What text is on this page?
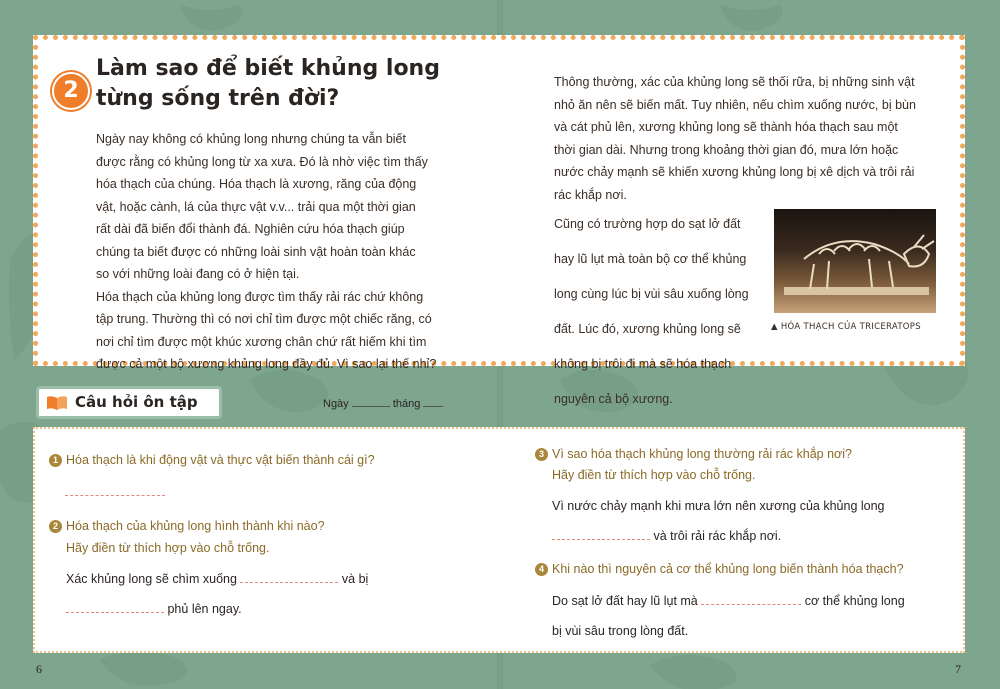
2
Làm sao để biết khủng long
từng sống trên đời?

Ngày nay không có khủng long nhưng chúng ta vẫn biết

được rằng có khủng long từ xa xưa. Đó là nhờ việc tìm thấy

hóa thạch của chúng. Hóa thạch là xương, răng của động

vật, hoặc cành, lá của thực vật v.v... trải qua một thời gian

rất dài đã biến đổi thành đá. Nghiên cứu hóa thạch giúp

chúng ta biết được có những loài sinh vật hoàn toàn khác

so với những loài đang có ở hiện tại.

Hóa thạch của khủng long được tìm thấy rải rác chứ không

tập trung. Thường thì có nơi chỉ tìm được một chiếc răng, có

nơi chỉ tìm được một khúc xương chân chứ rất hiếm khi tìm

được cả một bộ xương khủng long đầy đủ. Vì sao lại thế nhỉ?

Thông thường, xác của khủng long sẽ thối rữa, bị những sinh vật

nhỏ ăn nên sẽ biến mất. Tuy nhiên, nếu chìm xuống nước, bị bùn

và cát phủ lên, xương khủng long sẽ thành hóa thạch sau một

thời gian dài. Nhưng trong khoảng thời gian đó, mưa lớn hoặc

nước chảy mạnh sẽ khiến xương khủng long bị xê dịch và trôi rải

rác khắp nơi.

Cũng có trường hợp do sạt lở đất

hay lũ lụt mà toàn bộ cơ thể khủng

long cùng lúc bị vùi sâu xuống lòng

đất. Lúc đó, xương khủng long sẽ

không bị trôi đi mà sẽ hóa thạch

nguyên cả bộ xương.

▲ HÓA THẠCH CỦA TRICERATOPS
Câu hỏi ôn tập	Ngày	tháng
1 Hóa thạch là khi động vật và thực vật biến thành cái gì?
2 Hóa thạch của khủng long hình thành khi nào?
Hãy điền từ thích hợp vào chỗ trống.
Xác khủng long sẽ chìm xuống	và bị
phủ lên ngay.
3 Vì sao hóa thạch khủng long thường rải rác khắp nơi?
Hãy điền từ thích hợp vào chỗ trống.
Vì nước chảy mạnh khi mưa lớn nên xương của khủng long
và trôi rải rác khắp nơi.
4 Khi nào thì nguyên cả cơ thể khủng long biến thành hóa thạch?
Do sạt lở đất hay lũ lụt mà	cơ thể khủng long
bị vùi sâu trong lòng đất.
6	7
